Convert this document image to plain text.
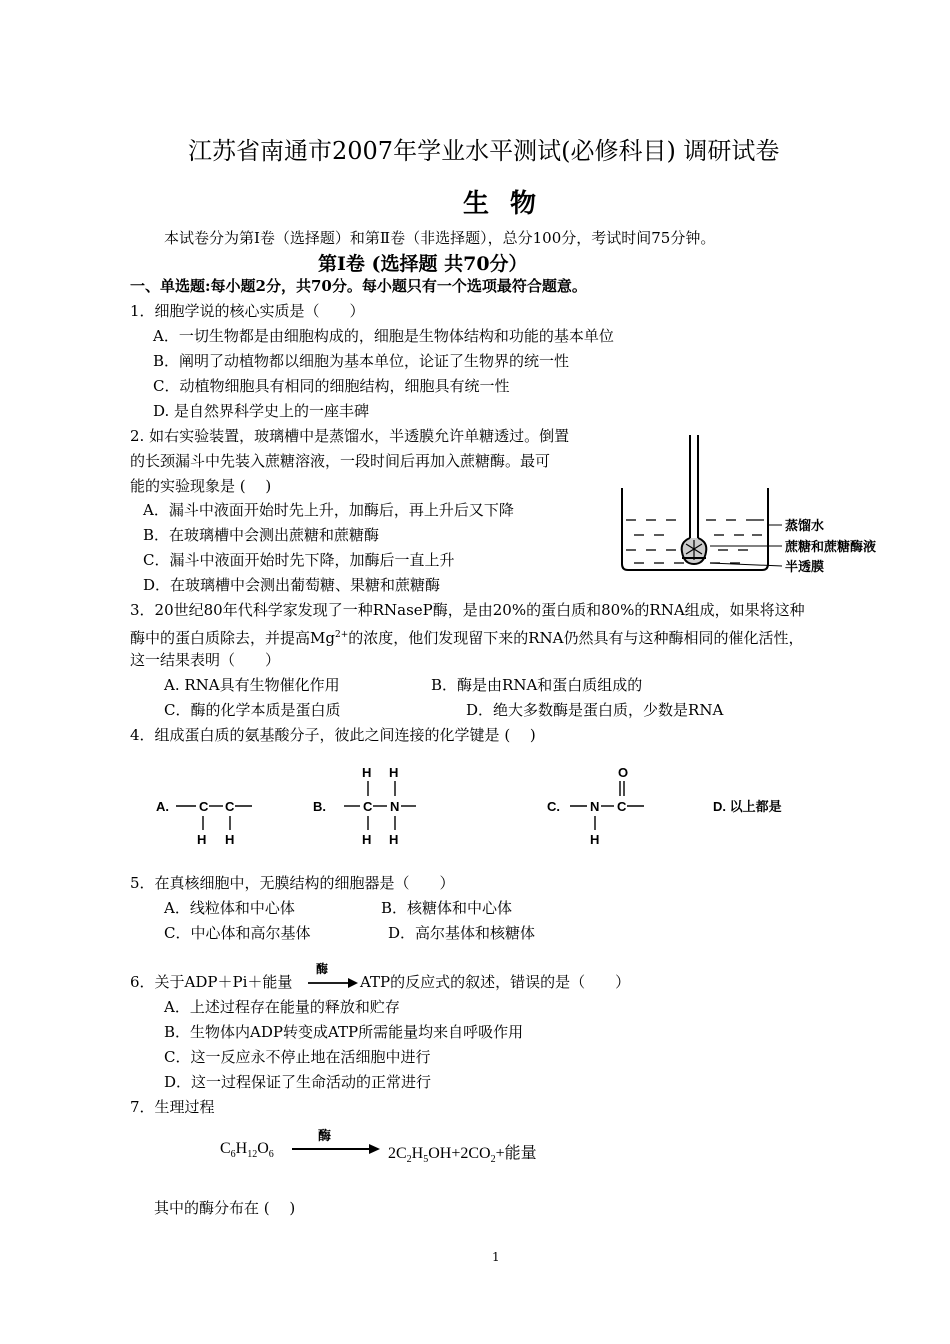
江苏省南通市2007年学业水平测试(必修科目) 调研试卷
生 物
本试卷分为第Ⅰ卷（选择题）和第Ⅱ卷（非选择题），总分100分，考试时间75分钟。
第Ⅰ卷 (选择题 共70分）
一、单选题:每小题2分，共70分。每小题只有一个选项最符合题意。
1．细胞学说的核心实质是（　　）
A．一切生物都是由细胞构成的，细胞是生物体结构和功能的基本单位
B．阐明了动植物都以细胞为基本单位，论证了生物界的统一性
C．动植物细胞具有相同的细胞结构，细胞具有统一性
D. 是自然界科学史上的一座丰碑
2. 如右实验装置，玻璃槽中是蒸馏水，半透膜允许单糖透过。倒置
的长颈漏斗中先装入蔗糖溶液，一段时间后再加入蔗糖酶。最可
能的实验现象是 (　 )
A．漏斗中液面开始时先上升，加酶后，再上升后又下降
B．在玻璃槽中会测出蔗糖和蔗糖酶
C．漏斗中液面开始时先下降，加酶后一直上升
D．在玻璃槽中会测出葡萄糖、果糖和蔗糖酶
蒸馏水
蔗糖和蔗糖酶液
半透膜
3．20世纪80年代科学家发现了一种RNaseP酶，是由20%的蛋白质和80%的RNA组成，如果将这种
酶中的蛋白质除去，并提高$Mg^{2+}$的浓度，他们发现留下来的RNA仍然具有与这种酶相同的催化活性，
这一结果表明（　　）
A. RNA具有生物催化作用	B．酶是由RNA和蛋白质组成的
C．酶的化学本质是蛋白质	D．绝大多数酶是蛋白质，少数是RNA
4．组成蛋白质的氨基酸分子，彼此之间连接的化学键是 (　 )
A. C C
H H
B.	C N
H H
H H
C. N C
O
H
D. 以上都是
5．在真核细胞中，无膜结构的细胞器是（　　）
A．线粒体和中心体	B．核糖体和中心体
C．中心体和高尔基体	D．高尔基体和核糖体
6．关于ADP＋Pi＋能量
酶
ATP的反应式的叙述，错误的是（　　）
A．上述过程存在能量的释放和贮存
B．生物体内ADP转变成ATP所需能量均来自呼吸作用
C．这一反应永不停止地在活细胞中进行
D．这一过程保证了生命活动的正常进行
7．生理过程
$C_6H_{12}O_6$
酶
$2C_2H_5OH+2CO_2+$能量
其中的酶分布在 (　 )
1
